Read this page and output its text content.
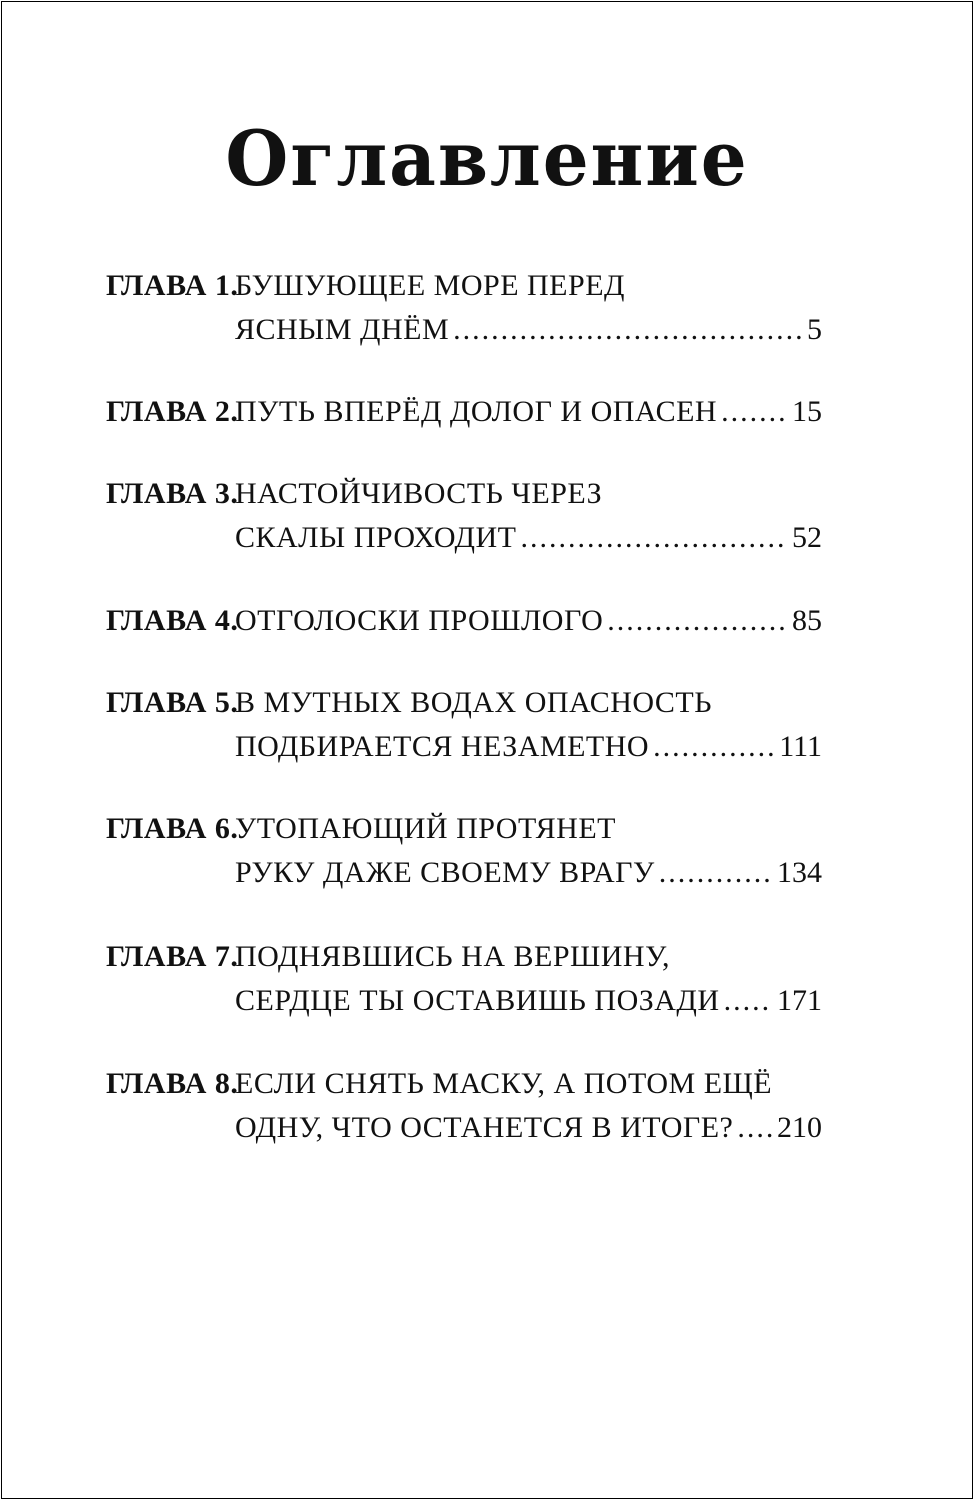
Оглавление
ГЛАВА 1.
БУШУЮЩЕЕ МОРЕ ПЕРЕД
ЯСНЫМ ДНЁМ .....	5
ГЛАВА 2.
ПУТЬ ВПЕРЁД ДОЛОГ И ОПАСЕН ..... 15
ГЛАВА 3.
НАСТОЙЧИВОСТЬ ЧЕРЕЗ
СКАЛЫ ПРОХОДИТ .....	52
ГЛАВА 4.
ОТГОЛОСКИ ПРОШЛОГО .....	85
ГЛАВА 5.
В МУТНЫХ ВОДАХ ОПАСНОСТЬ
ПОДБИРАЕТСЯ НЕЗАМЕТНО .....	111
ГЛАВА 6.
УТОПАЮЩИЙ ПРОТЯНЕТ
РУКУ ДАЖЕ СВОЕМУ ВРАГУ .....	134
ГЛАВА 7.
ПОДНЯВШИСЬ НА ВЕРШИНУ,
СЕРДЦЕ ТЫ ОСТАВИШЬ ПОЗАДИ ..... 171
ГЛАВА 8.
ЕСЛИ СНЯТЬ МАСКУ, А ПОТОМ ЕЩЁ
ОДНУ, ЧТО ОСТАНЕТСЯ В ИТОГЕ? ..... 210
